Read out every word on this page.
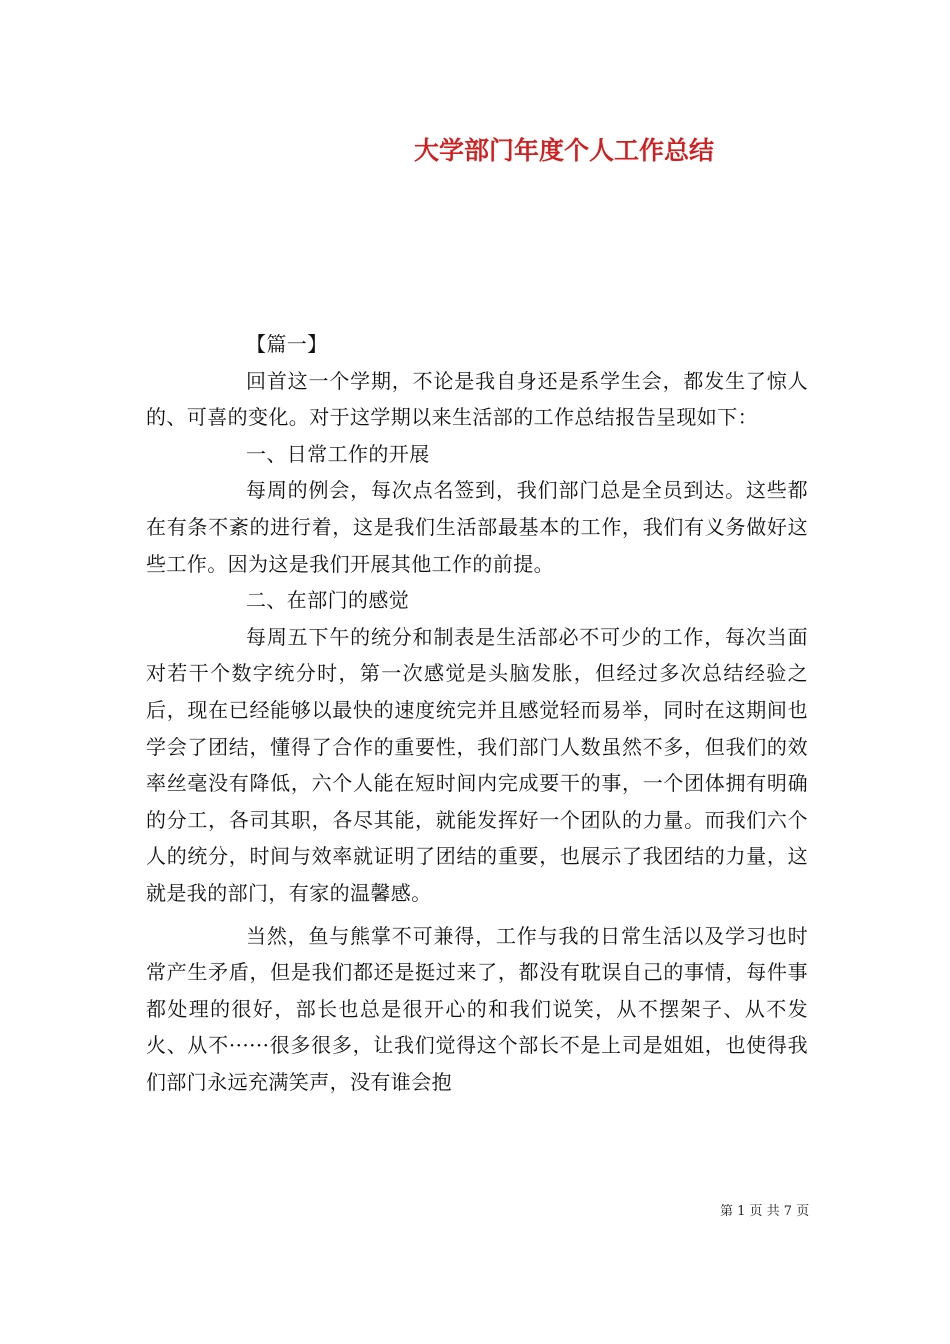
大学部门年度个人工作总结

【篇一】

回首这一个学期，不论是我自身还是系学生会，都发生了惊人的、可喜的变化。对于这学期以来生活部的工作总结报告呈现如下：

一、日常工作的开展

每周的例会，每次点名签到，我们部门总是全员到达。这些都在有条不紊的进行着，这是我们生活部最基本的工作，我们有义务做好这些工作。因为这是我们开展其他工作的前提。

二、在部门的感觉

每周五下午的统分和制表是生活部必不可少的工作，每次当面对若干个数字统分时，第一次感觉是头脑发胀，但经过多次总结经验之后，现在已经能够以最快的速度统完并且感觉轻而易举，同时在这期间也学会了团结，懂得了合作的重要性，我们部门人数虽然不多，但我们的效率丝毫没有降低，六个人能在短时间内完成要干的事，一个团体拥有明确的分工，各司其职，各尽其能，就能发挥好一个团队的力量。而我们六个人的统分，时间与效率就证明了团结的重要，也展示了我团结的力量，这就是我的部门，有家的温馨感。

当然，鱼与熊掌不可兼得，工作与我的日常生活以及学习也时常产生矛盾，但是我们都还是挺过来了，都没有耽误自己的事情，每件事都处理的很好，部长也总是很开心的和我们说笑，从不摆架子、从不发火、从不······很多很多，让我们觉得这个部长不是上司是姐姐，也使得我们部门永远充满笑声，没有谁会抱

第 1 页 共 7 页
